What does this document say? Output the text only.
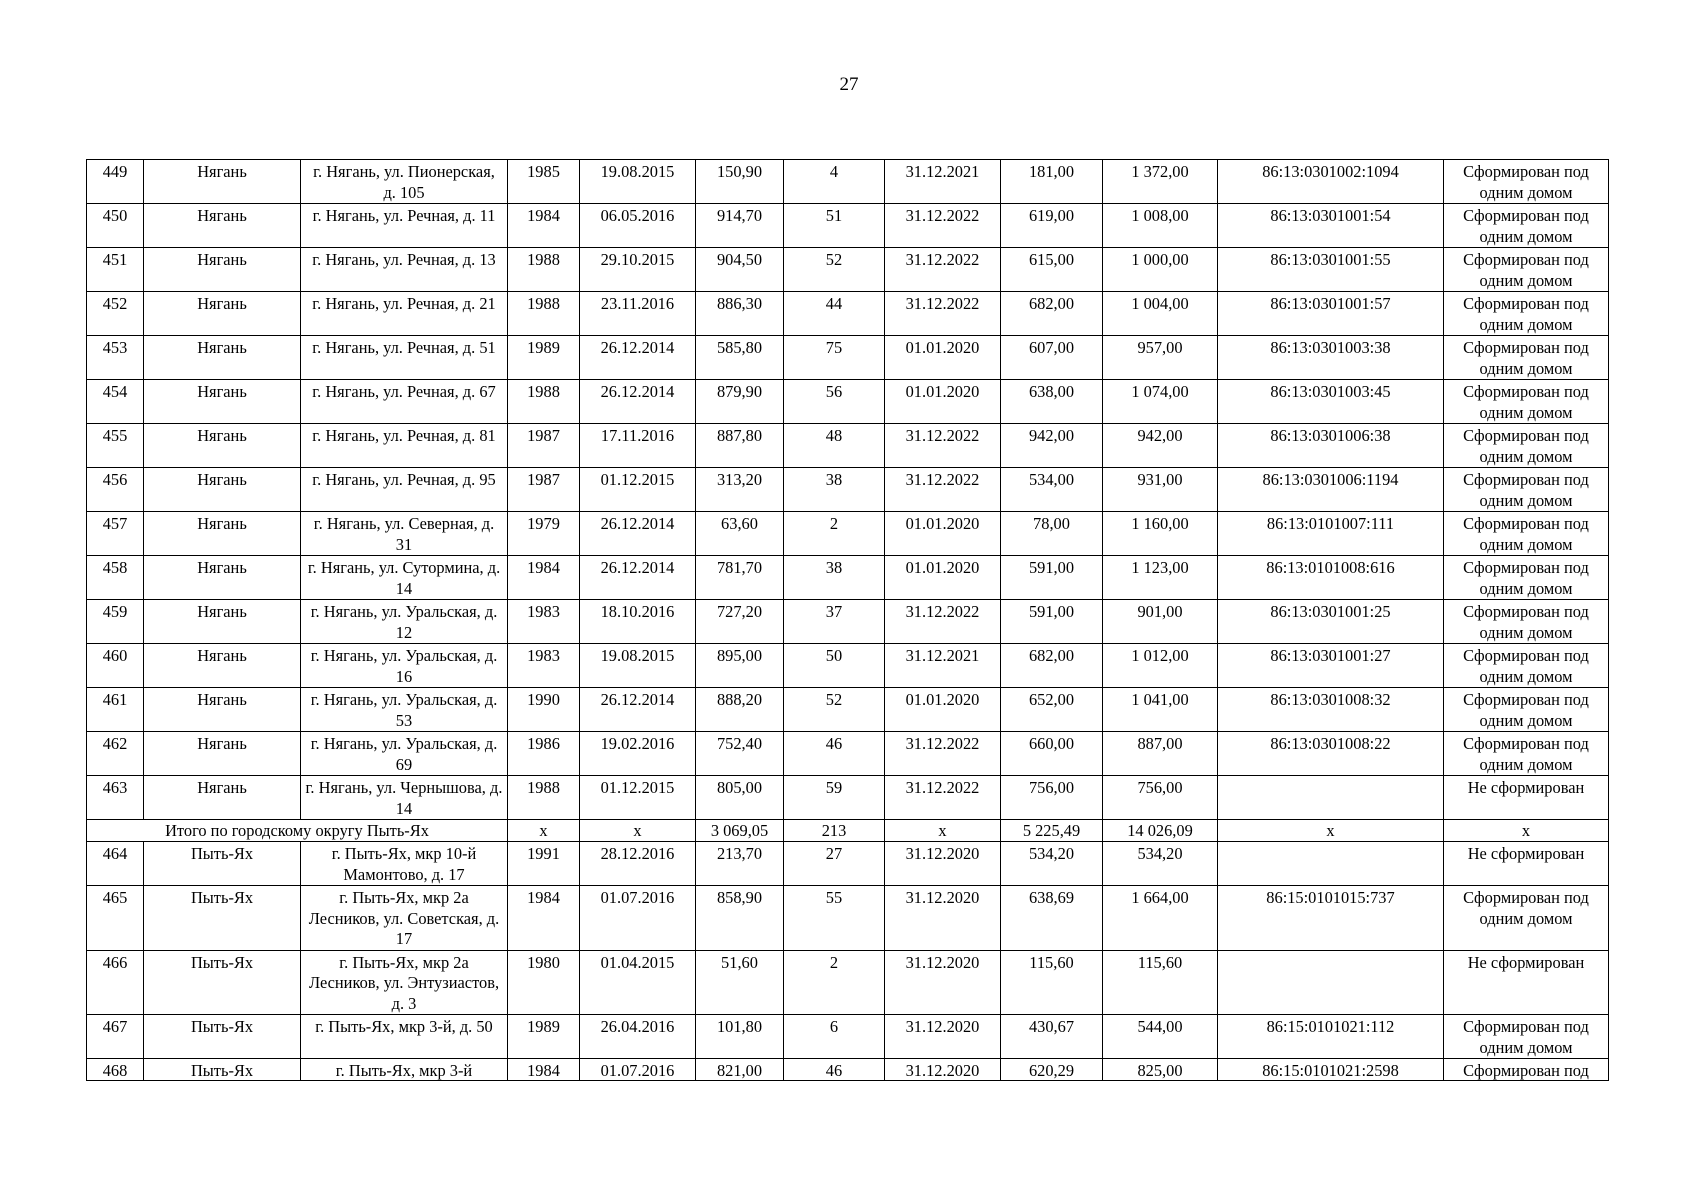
27
449	Нягань	г. Нягань, ул. Пионерская, д. 105	1985	19.08.2015	150,90	4	31.12.2021	181,00	1 372,00	86:13:0301002:1094	Сформирован под одним домом
450	Нягань	г. Нягань, ул. Речная, д. 11	1984	06.05.2016	914,70	51	31.12.2022	619,00	1 008,00	86:13:0301001:54	Сформирован под одним домом
451	Нягань	г. Нягань, ул. Речная, д. 13	1988	29.10.2015	904,50	52	31.12.2022	615,00	1 000,00	86:13:0301001:55	Сформирован под одним домом
452	Нягань	г. Нягань, ул. Речная, д. 21	1988	23.11.2016	886,30	44	31.12.2022	682,00	1 004,00	86:13:0301001:57	Сформирован под одним домом
453	Нягань	г. Нягань, ул. Речная, д. 51	1989	26.12.2014	585,80	75	01.01.2020	607,00	957,00	86:13:0301003:38	Сформирован под одним домом
454	Нягань	г. Нягань, ул. Речная, д. 67	1988	26.12.2014	879,90	56	01.01.2020	638,00	1 074,00	86:13:0301003:45	Сформирован под одним домом
455	Нягань	г. Нягань, ул. Речная, д. 81	1987	17.11.2016	887,80	48	31.12.2022	942,00	942,00	86:13:0301006:38	Сформирован под одним домом
456	Нягань	г. Нягань, ул. Речная, д. 95	1987	01.12.2015	313,20	38	31.12.2022	534,00	931,00	86:13:0301006:1194	Сформирован под одним домом
457	Нягань	г. Нягань, ул. Северная, д. 31	1979	26.12.2014	63,60	2	01.01.2020	78,00	1 160,00	86:13:0101007:111	Сформирован под одним домом
458	Нягань	г. Нягань, ул. Сутормина, д. 14	1984	26.12.2014	781,70	38	01.01.2020	591,00	1 123,00	86:13:0101008:616	Сформирован под одним домом
459	Нягань	г. Нягань, ул. Уральская, д. 12	1983	18.10.2016	727,20	37	31.12.2022	591,00	901,00	86:13:0301001:25	Сформирован под одним домом
460	Нягань	г. Нягань, ул. Уральская, д. 16	1983	19.08.2015	895,00	50	31.12.2021	682,00	1 012,00	86:13:0301001:27	Сформирован под одним домом
461	Нягань	г. Нягань, ул. Уральская, д. 53	1990	26.12.2014	888,20	52	01.01.2020	652,00	1 041,00	86:13:0301008:32	Сформирован под одним домом
462	Нягань	г. Нягань, ул. Уральская, д. 69	1986	19.02.2016	752,40	46	31.12.2022	660,00	887,00	86:13:0301008:22	Сформирован под одним домом
463	Нягань	г. Нягань, ул. Чернышова, д. 14	1988	01.12.2015	805,00	59	31.12.2022	756,00	756,00		Не сформирован
Итого по городскому округу Пыть-Ях			х	х	3 069,05	213	х	5 225,49	14 026,09	х	х
464	Пыть-Ях	г. Пыть-Ях, мкр 10-й Мамонтово, д. 17	1991	28.12.2016	213,70	27	31.12.2020	534,20	534,20		Не сформирован
465	Пыть-Ях	г. Пыть-Ях, мкр 2а Лесников, ул. Советская, д. 17	1984	01.07.2016	858,90	55	31.12.2020	638,69	1 664,00	86:15:0101015:737	Сформирован под одним домом
466	Пыть-Ях	г. Пыть-Ях, мкр 2а Лесников, ул. Энтузиастов, д. 3	1980	01.04.2015	51,60	2	31.12.2020	115,60	115,60		Не сформирован
467	Пыть-Ях	г. Пыть-Ях, мкр 3-й, д. 50	1989	26.04.2016	101,80	6	31.12.2020	430,67	544,00	86:15:0101021:112	Сформирован под одним домом
468	Пыть-Ях	г. Пыть-Ях, мкр 3-й	1984	01.07.2016	821,00	46	31.12.2020	620,29	825,00	86:15:0101021:2598	Сформирован под
